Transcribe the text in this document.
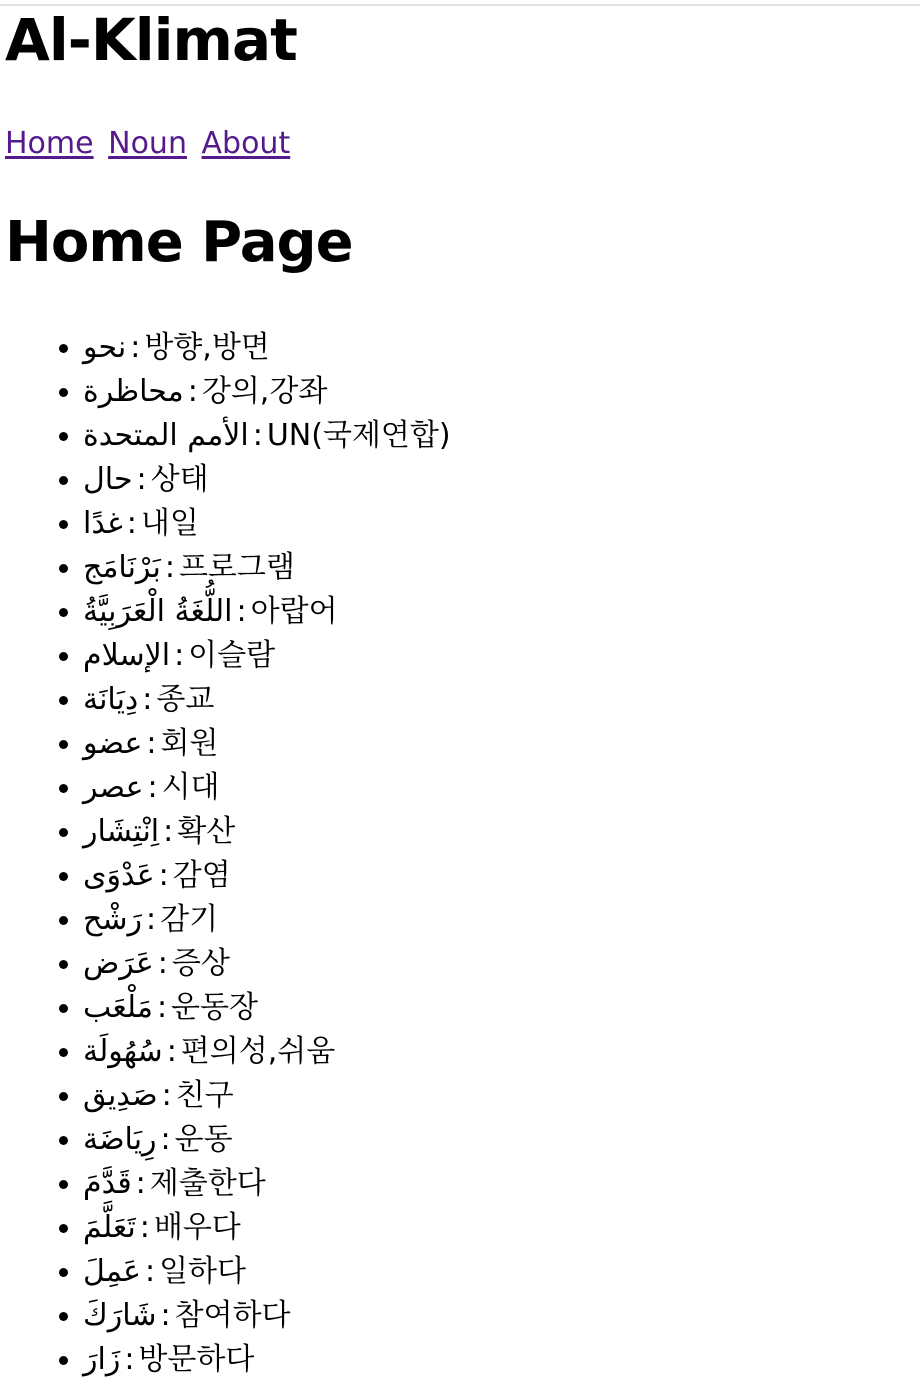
Al-Klimat
Home Noun About
Home Page
نحو : 방향,방면
محاظرة : 강의,강좌
الأمم المتحدة : UN(국제연합)
حال : 상태
غدًا : 내일
بَرْنَامَج : 프로그램
اللُّغَةُ الْعَرَبِيَّةُ : 아랍어
الإسلام : 이슬람
دِيَانَة : 종교
عضو : 회원
عصر : 시대
اِنْتِشَار : 확산
عَدْوَى : 감염
رَشْح : 감기
عَرَض : 증상
مَلْعَب : 운동장
سُهُولَة : 편의성,쉬움
صَدِيق : 친구
رِيَاضَة : 운동
قَدَّمَ : 제출한다
تَعَلَّمَ : 배우다
عَمِلَ : 일하다
شَارَكَ : 참여하다
زَارَ : 방문하다
